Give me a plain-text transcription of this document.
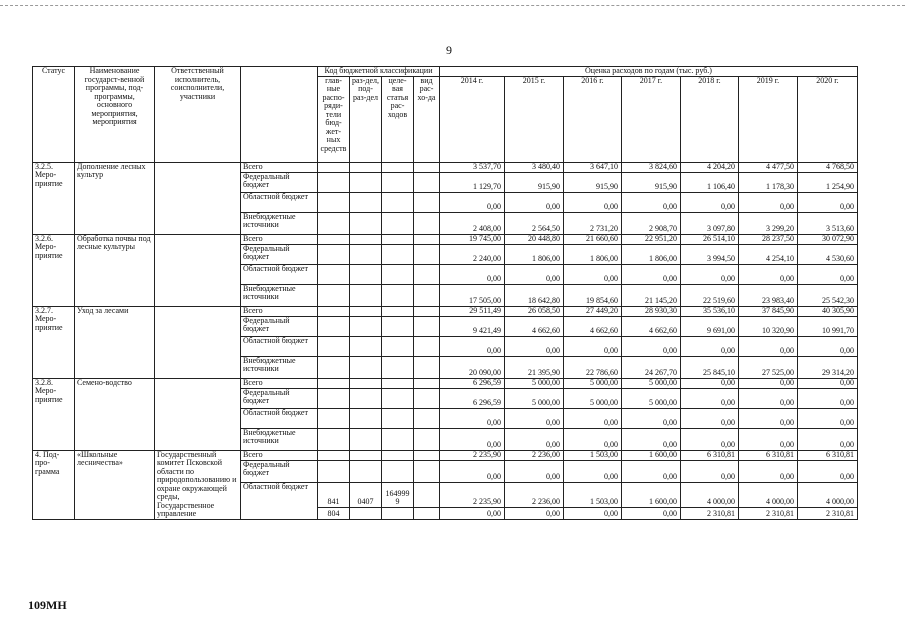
9
Статус	Наименование государст-венной программы, под-программы, основного мероприятия, мероприятия	Ответственный исполнитель, соисполнители, участники		Код бюджетной классификации				Оценка расходов по годам (тыс. руб.)						
				глав-ные распо-ряди-тели бюд-жет-ных средств	раз-дел, под-раз-дел	целе-вая статья рас-ходов	вид рас-хо-да	2014 г.	2015 г.	2016 г.	2017 г.	2018 г.	2019 г.	2020 г.
3.2.5. Меро-приятие	Дополнение лесных культур		Всего					3 537,70	3 480,40	3 647,10	3 824,60	4 204,20	4 477,50	4 768,50
			Федеральный бюджет					1 129,70	915,90	915,90	915,90	1 106,40	1 178,30	1 254,90
			Областной бюджет					0,00	0,00	0,00	0,00	0,00	0,00	0,00
			Внебюджетные источники					2 408,00	2 564,50	2 731,20	2 908,70	3 097,80	3 299,20	3 513,60
3.2.6. Меро-приятие	Обработка почвы под лесные культуры		Всего					19 745,00	20 448,80	21 660,60	22 951,20	26 514,10	28 237,50	30 072,90
			Федеральный бюджет					2 240,00	1 806,00	1 806,00	1 806,00	3 994,50	4 254,10	4 530,60
			Областной бюджет					0,00	0,00	0,00	0,00	0,00	0,00	0,00
			Внебюджетные источники					17 505,00	18 642,80	19 854,60	21 145,20	22 519,60	23 983,40	25 542,30
3.2.7. Меро-приятие	Уход за лесами		Всего					29 511,49	26 058,50	27 449,20	28 930,30	35 536,10	37 845,90	40 305,90
			Федеральный бюджет					9 421,49	4 662,60	4 662,60	4 662,60	9 691,00	10 320,90	10 991,70
			Областной бюджет					0,00	0,00	0,00	0,00	0,00	0,00	0,00
			Внебюджетные источники					20 090,00	21 395,90	22 786,60	24 267,70	25 845,10	27 525,00	29 314,20
3.2.8. Меро-приятие	Семено-водство		Всего					6 296,59	5 000,00	5 000,00	5 000,00	0,00	0,00	0,00
			Федеральный бюджет					6 296,59	5 000,00	5 000,00	5 000,00	0,00	0,00	0,00
			Областной бюджет					0,00	0,00	0,00	0,00	0,00	0,00	0,00
			Внебюджетные источники					0,00	0,00	0,00	0,00	0,00	0,00	0,00
4. Под-про-грамма	«Школьные лесничества»	Государственный комитет Псковской области по природопользованию и охране окружающей среды, Государственное управление	Всего					2 235,90	2 236,00	1 503,00	1 600,00	6 310,81	6 310,81	6 310,81
			Федеральный бюджет					0,00	0,00	0,00	0,00	0,00	0,00	0,00
			Областной бюджет	841	0407	164999 9		2 235,90	2 236,00	1 503,00	1 600,00	4 000,00	4 000,00	4 000,00
				804				0,00	0,00	0,00	0,00	2 310,81	2 310,81	2 310,81
109МН
